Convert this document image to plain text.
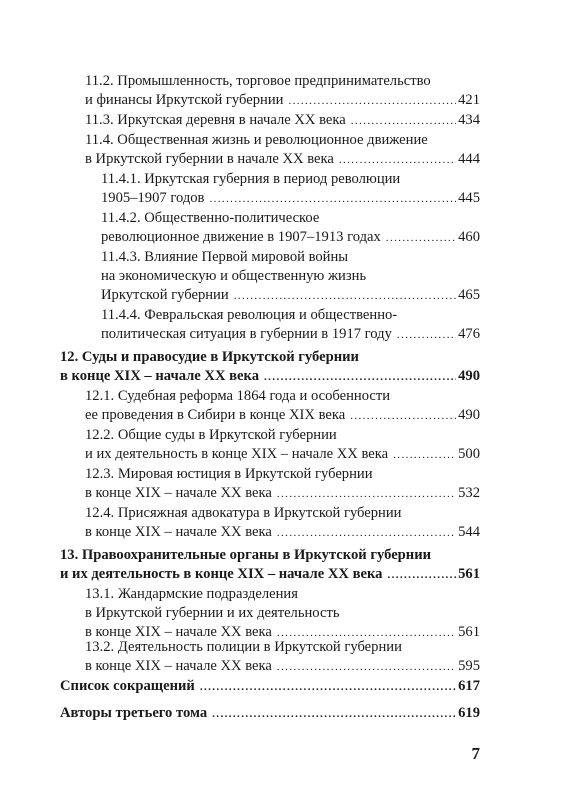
11.2. Промышленность, торговое предпринимательство
и финансы Иркутской губернии .....	421
11.3. Иркутская деревня в начале XX века .....	434
11.4. Общественная жизнь и революционное движение
в Иркутской губернии в начале XX века .....	444
11.4.1. Иркутская губерния в период революции
1905–1907 годов .....	445
11.4.2. Общественно-политическое
революционное движение в 1907–1913 годах .....	460
11.4.3. Влияние Первой мировой войны
на экономическую и общественную жизнь
Иркутской губернии .....	465
11.4.4. Февральская революция и общественно-
политическая ситуация в губернии в 1917 году .....	476
12. Суды и правосудие в Иркутской губернии
в конце XIX – начале XX века .....	490
12.1. Судебная реформа 1864 года и особенности
ее проведения в Сибири в конце XIX века .....	490
12.2. Общие суды в Иркутской губернии
и их деятельность в конце XIX – начале XX века .....	500
12.3. Мировая юстиция в Иркутской губернии
в конце XIX – начале XX века .....	532
12.4. Присяжная адвокатура в Иркутской губернии
в конце XIX – начале XX века .....	544
13. Правоохранительные органы в Иркутской губернии
и их деятельность в конце XIX – начале XX века .....	561
13.1. Жандармские подразделения
в Иркутской губернии и их деятельность
в конце XIX – начале XX века .....	561
13.2. Деятельность полиции в Иркутской губернии
в конце XIX – начале XX века .....	595
Список сокращений .....	617
Авторы третьего тома .....	619
7
